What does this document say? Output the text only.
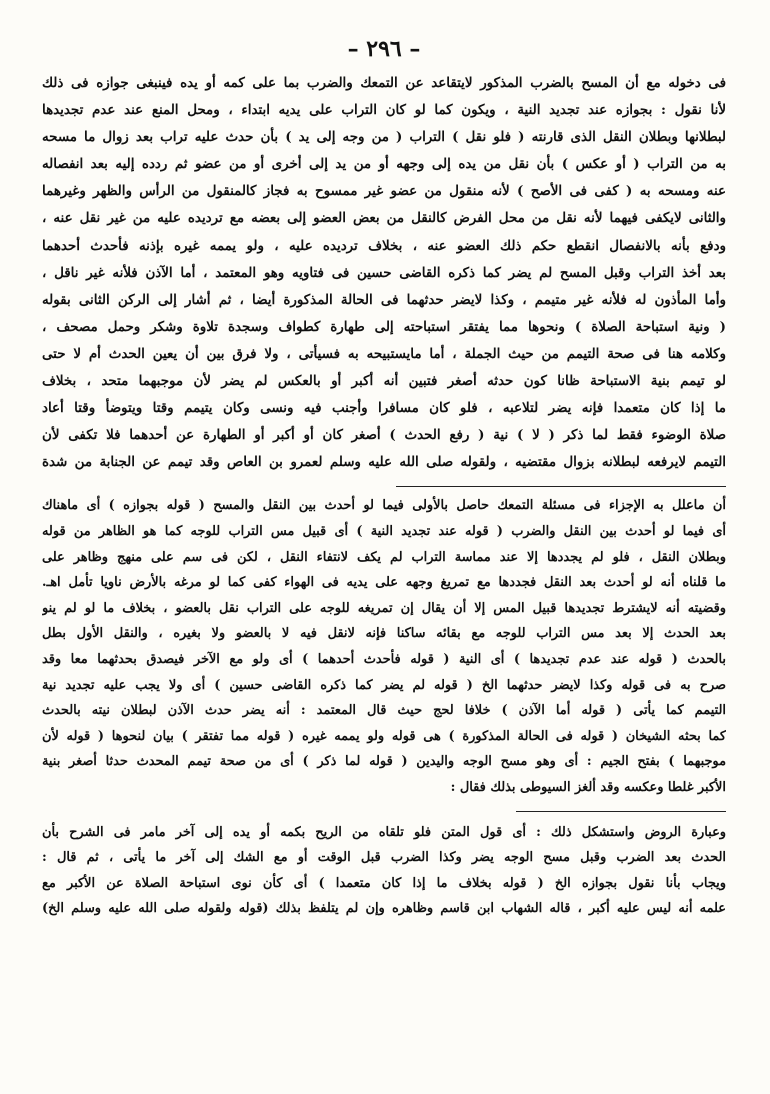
– ٢٩٦ –
فى دخوله مع أن المسح بالضرب المذكور لايتقاعد عن التمعك والضرب بما على كمه أو يده فينبغى جوازه فى ذلك
لأنا نقول : بجوازه عند تجديد النية ، ويكون كما لو كان التراب على يديه ابتداء ، ومحل المنع عند عدم تجديدها
لبطلانها وبطلان النقل الذى قارنته ( فلو نقل ) التراب ( من وجه إلى يد ) بأن حدث عليه تراب بعد زوال ما مسحه
به من التراب ( أو عكس ) بأن نقل من يده إلى وجهه أو من يد إلى أخرى أو من عضو ثم ردده إليه بعد انفصاله
عنه ومسحه به ( كفى فى الأصح ) لأنه منقول من عضو غير ممسوح به فجاز كالمنقول من الرأس والظهر وغيرهما
والثانى لايكفى فيهما لأنه نقل من محل الفرض كالنقل من بعض العضو إلى بعضه مع ترديده عليه من غير نقل عنه ،
ودفع بأنه بالانفصال انقطع حكم ذلك العضو عنه ، بخلاف ترديده عليه ، ولو يممه غيره بإذنه فأحدث أحدهما
بعد أخذ التراب وقبل المسح لم يضر كما ذكره القاضى حسين فى فتاويه وهو المعتمد ، أما الآذن فلأنه غير ناقل ،
وأما المأذون له فلأنه غير متيمم ، وكذا لايضر حدثهما فى الحالة المذكورة أيضا ، ثم أشار إلى الركن الثانى بقوله
( ونية استباحة الصلاة ) ونحوها مما يفتقر استباحته إلى طهارة كطواف وسجدة تلاوة وشكر وحمل مصحف ،
وكلامه هنا فى صحة التيمم من حيث الجملة ، أما مايستبيحه به فسيأتى ، ولا فرق بين أن يعين الحدث أم لا حتى
لو تيمم بنية الاستباحة ظانا كون حدثه أصغر فتبين أنه أكبر أو بالعكس لم يضر لأن موجبهما متحد ، بخلاف
ما إذا كان متعمدا فإنه يضر لتلاعبه ، فلو كان مسافرا وأجنب فيه ونسى وكان يتيمم وقتا ويتوضأ وقتا أعاد
صلاة الوضوء فقط لما ذكر ( لا ) نية ( رفع الحدث ) أصغر كان أو أكبر أو الطهارة عن أحدهما فلا تكفى لأن
التيمم لايرفعه لبطلانه بزوال مقتضيه ، ولقوله صلى الله عليه وسلم لعمرو بن العاص وقد تيمم عن الجنابة من شدة
أن ماعلل به الإجزاء فى مسئلة التمعك حاصل بالأولى فيما لو أحدث بين النقل والمسح ( قوله بجوازه ) أى ماهناك
أى فيما لو أحدث بين النقل والضرب ( قوله عند تجديد النية ) أى قبيل مس التراب للوجه كما هو الظاهر من قوله
وبطلان النقل ، فلو لم يجددها إلا عند مماسة التراب لم يكف لانتفاء النقل ، لكن فى سم على منهج وظاهر على
ما قلناه أنه لو أحدث بعد النقل فجددها مع تمريغ وجهه على يديه فى الهواء كفى كما لو مرغه بالأرض ناويا تأمل اهـ.
وقضيته أنه لايشترط تجديدها قبيل المس إلا أن يقال إن تمريغه للوجه على التراب نقل بالعضو ، بخلاف ما لو لم ينو
بعد الحدث إلا بعد مس التراب للوجه مع بقائه ساكنا فإنه لانقل فيه لا بالعضو ولا بغيره ، والنقل الأول بطل
بالحدث ( قوله عند عدم تجديدها ) أى النية ( قوله فأحدث أحدهما ) أى ولو مع الآخر فيصدق بحدثهما معا وقد
صرح به فى قوله وكذا لايضر حدثهما الخ ( قوله لم يضر كما ذكره القاضى حسين ) أى ولا يجب عليه تجديد نية
التيمم كما يأتى ( قوله أما الآذن ) خلافا لحج حيث قال المعتمد : أنه يضر حدث الآذن لبطلان نيته بالحدث
كما بحثه الشيخان ( قوله فى الحالة المذكورة ) هى قوله ولو يممه غيره ( قوله مما تفتقر ) بيان لنحوها ( قوله لأن
موجبهما ) بفتح الجيم : أى وهو مسح الوجه واليدين ( قوله لما ذكر ) أى من صحة تيمم المحدث حدثا أصغر بنية
الأكبر غلطا وعكسه وقد ألغز السيوطى بذلك فقال :
وعبارة الروض واستشكل ذلك : أى قول المتن فلو تلقاه من الريح بكمه أو يده إلى آخر مامر فى الشرح بأن
الحدث بعد الضرب وقبل مسح الوجه يضر وكذا الضرب قبل الوقت أو مع الشك إلى آخر ما يأتى ، ثم قال :
ويجاب بأنا نقول بجوازه الخ ( قوله بخلاف ما إذا كان متعمدا ) أى كأن نوى استباحة الصلاة عن الأكبر مع
علمه أنه ليس عليه أكبر ، قاله الشهاب ابن قاسم وظاهره وإن لم يتلفظ بذلك (قوله ولقوله صلى الله عليه وسلم الخ)
